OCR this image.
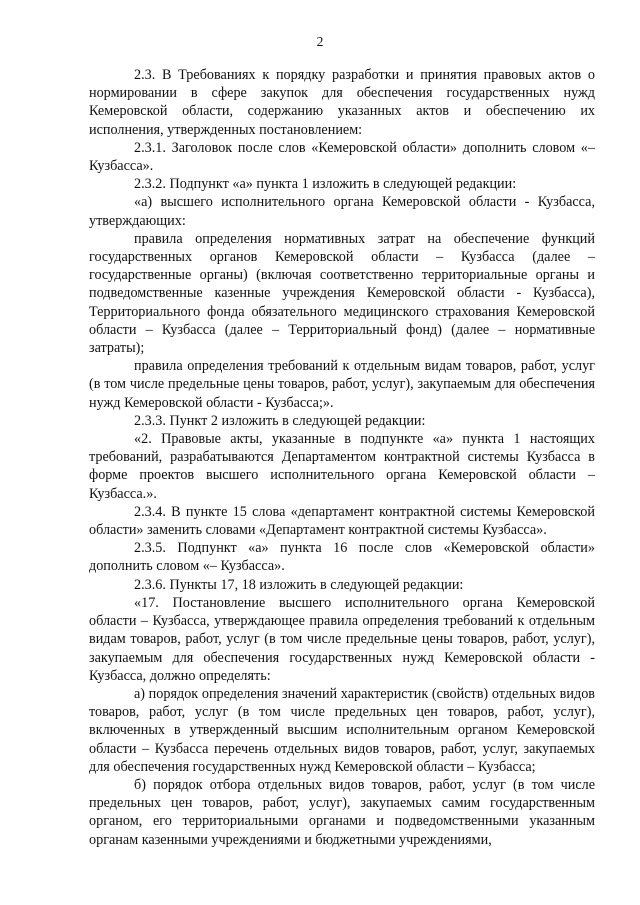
2

2.3. В Требованиях к порядку разработки и принятия правовых актов о нормировании в сфере закупок для обеспечения государственных нужд Кемеровской области, содержанию указанных актов и обеспечению их исполнения, утвержденных постановлением:

2.3.1. Заголовок после слов «Кемеровской области» дополнить словом «– Кузбасса».

2.3.2. Подпункт «а» пункта 1 изложить в следующей редакции:

«а) высшего исполнительного органа Кемеровской области - Кузбасса, утверждающих:

правила определения нормативных затрат на обеспечение функций государственных органов Кемеровской области – Кузбасса (далее – государственные органы) (включая соответственно территориальные органы и подведомственные казенные учреждения Кемеровской области - Кузбасса), Территориального фонда обязательного медицинского страхования Кемеровской области – Кузбасса (далее – Территориальный фонд) (далее – нормативные затраты);

правила определения требований к отдельным видам товаров, работ, услуг (в том числе предельные цены товаров, работ, услуг), закупаемым для обеспечения нужд Кемеровской области - Кузбасса;».

2.3.3. Пункт 2 изложить в следующей редакции:

«2. Правовые акты, указанные в подпункте «а» пункта 1 настоящих требований, разрабатываются Департаментом контрактной системы Кузбасса в форме проектов высшего исполнительного органа Кемеровской области – Кузбасса.».

2.3.4. В пункте 15 слова «департамент контрактной системы Кемеровской области» заменить словами «Департамент контрактной системы Кузбасса».

2.3.5. Подпункт «а» пункта 16 после слов «Кемеровской области» дополнить словом «– Кузбасса».

2.3.6. Пункты 17, 18 изложить в следующей редакции:

«17. Постановление высшего исполнительного органа Кемеровской области – Кузбасса, утверждающее правила определения требований к отдельным видам товаров, работ, услуг (в том числе предельные цены товаров, работ, услуг), закупаемым для обеспечения государственных нужд Кемеровской области - Кузбасса, должно определять:

а) порядок определения значений характеристик (свойств) отдельных видов товаров, работ, услуг (в том числе предельных цен товаров, работ, услуг), включенных в утвержденный высшим исполнительным органом Кемеровской области – Кузбасса перечень отдельных видов товаров, работ, услуг, закупаемых для обеспечения государственных нужд Кемеровской области – Кузбасса;

б) порядок отбора отдельных видов товаров, работ, услуг (в том числе предельных цен товаров, работ, услуг), закупаемых самим государственным органом, его территориальными органами и подведомственными указанным органам казенными учреждениями и бюджетными учреждениями,
